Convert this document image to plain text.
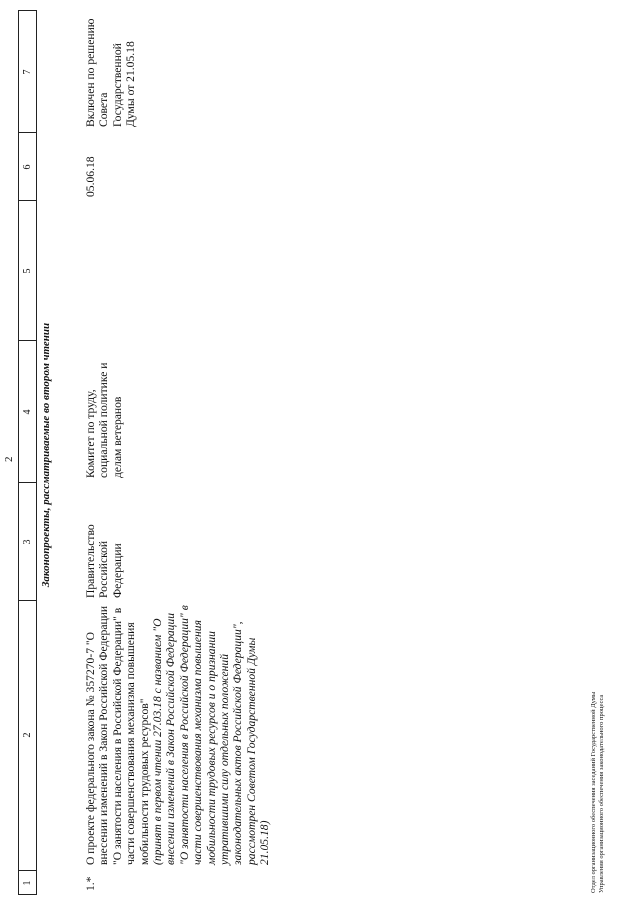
2
1
2
3
4
5
6
7
Законопроекты, рассматриваемые во втором чтении
1.*
О проекте федерального закона № 357270-7 "О внесении изменений в Закон Российской Федерации "О занятости населения в Российской Федерации" в части совершенствования механизма повышения мобильности трудовых ресурсов" (принят в первом чтении 27.03.18 с названием "О внесении изменений в Закон Российской Федерации "О занятости населения в Российской Федерации" в части совершенствования механизма повышения мобильности трудовых ресурсов и о признании утратившими силу отдельных положений законодательных актов Российской Федерации", рассмотрен Советом Государственной Думы 21.05.18)
Правительство Российской Федерации
Комитет по труду, социальной политике и делам ветеранов
05.06.18
Включен по решению Совета Государственной Думы от 21.05.18
Отдел организационного обеспечения заседаний Государственной Думы Управления организационного обеспечения законодательного процесса
